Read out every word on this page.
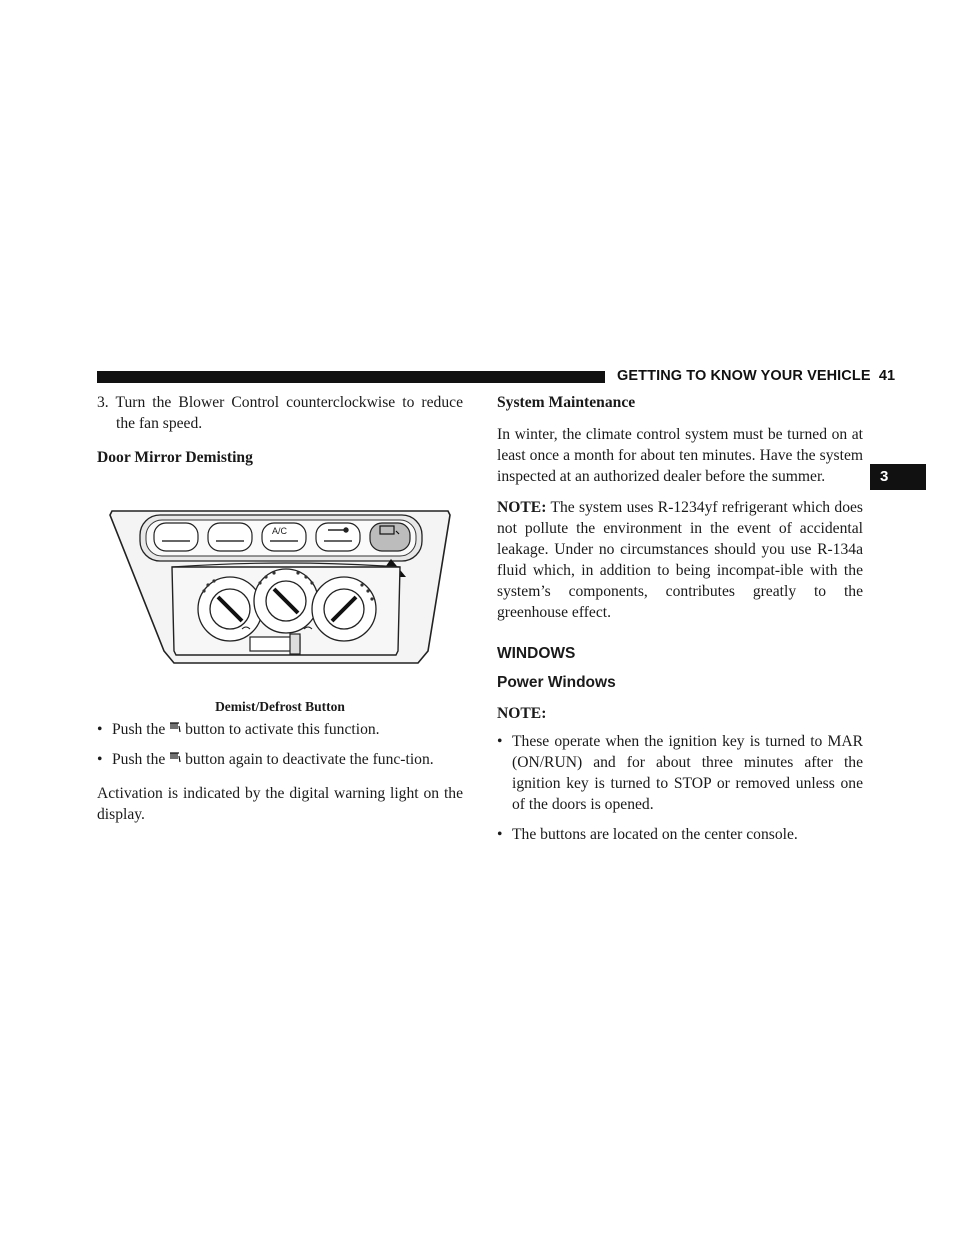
GETTING TO KNOW YOUR VEHICLE 41
3

3. Turn the Blower Control counterclockwise to reduce the fan speed.

Door Mirror Demisting

A/C

Demist/Defrost Button

• Push the button to activate this function.
• Push the button again to deactivate the func-tion.

Activation is indicated by the digital warning light on the display.

System Maintenance

In winter, the climate control system must be turned on at least once a month for about ten minutes. Have the system inspected at an authorized dealer before the summer.

NOTE: The system uses R-1234yf refrigerant which does not pollute the environment in the event of accidental leakage. Under no circumstances should you use R-134a fluid which, in addition to being incompat-ible with the system’s components, contributes greatly to the greenhouse effect.

WINDOWS

Power Windows

NOTE:

• These operate when the ignition key is turned to MAR (ON/RUN) and for about three minutes after the ignition key is turned to STOP or removed unless one of the doors is opened.
• The buttons are located on the center console.
